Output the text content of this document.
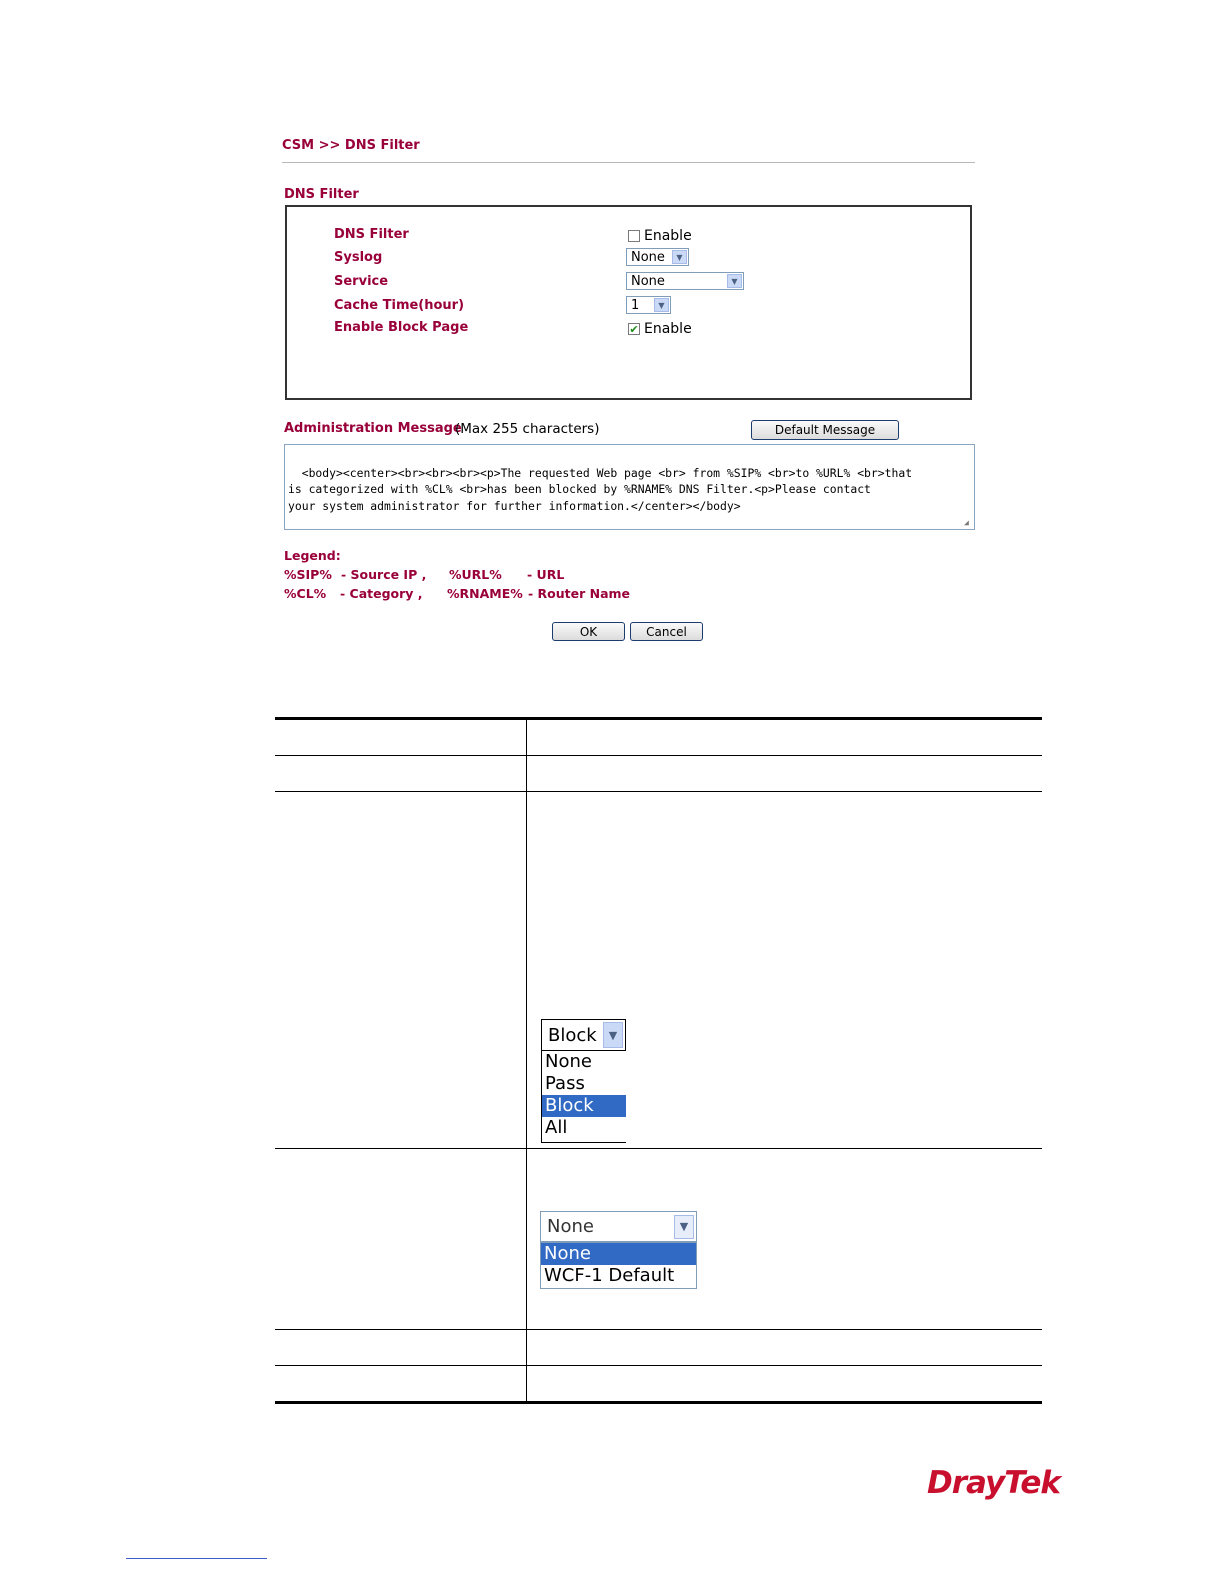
CSM >> DNS Filter
DNS Filter
DNS Filter	Enable
Syslog	None	▼
Service	None	▼
Cache Time(hour)	1	▼
Enable Block Page	✔ Enable
Administration Message
(Max 255 characters)	Default Message

<body><center><br><br><br><p>The requested Web page <br> from %SIP% <br>to %URL% <br>that
is categorized with %CL% <br>has been blocked by %RNAME% DNS Filter.<p>Please contact
your system administrator for further information.</center></body>

◢

Legend:
%SIP% - Source IP , %URL% - URL
%CL% - Category , %RNAME% - Router Name
OK	Cancel
Block	▼
None
Pass
Block
All
None	▼
None
WCF-1 Default
DrayTek
